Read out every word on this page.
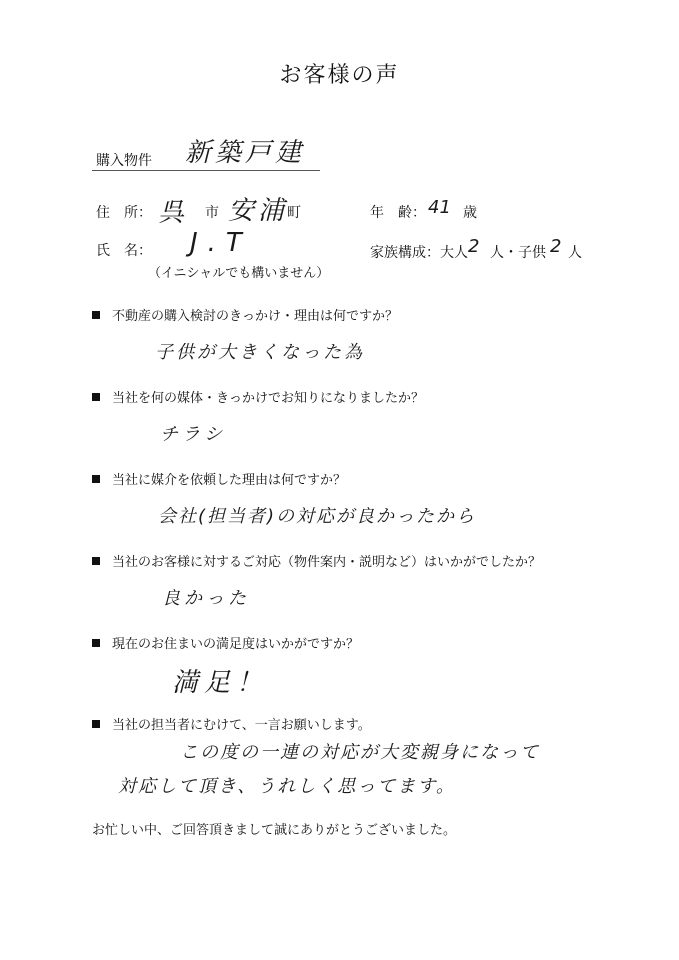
お客様の声
購入物件 新築戸建
住　所： 呉 市 安浦
町	年　齢： 41 歳
氏　名： J.T
（イニシャルでも構いません）
家族構成： 大人 2 人・ 子供 2 人
不動産の購入検討のきっかけ・理由は何ですか？
子供が大きくなった為
当社を何の媒体・きっかけでお知りになりましたか？
チラシ
当社に媒介を依頼した理由は何ですか？
会社(担当者)の対応が良かったから
当社のお客様に対するご対応（物件案内・説明など）はいかがでしたか？
良かった
現在のお住まいの満足度はいかがですか？
満足！
当社の担当者にむけて、一言お願いします。
この度の一連の対応が大変親身になって
対応して頂き、うれしく思ってます。
お忙しい中、ご回答頂きまして誠にありがとうございました。
